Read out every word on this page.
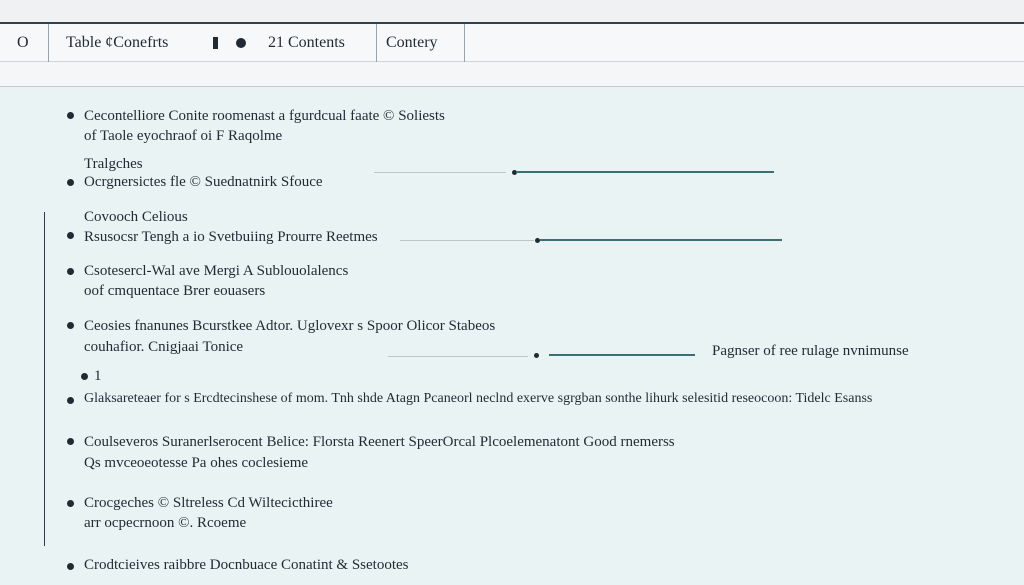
O Table ¢Conefrts	21 Contents	Contery
Cecontelliore Conite roomenast a fgurdcual faate © Soliests
of Taole eyochraof oi F Raqolme
Tralgches
Ocrgnersictes fle © Suednatnirk Sfouce
Covooch Celious
Rsusocsr Tengh a io Svetbuiing Prourre Reetmes
Csotesercl-Wal ave Mergi A Sublouolalencs
oof cmquentace Brer eouasers
Ceosies fnanunes Bcurstkee Adtor. Uglovexr s Spoor Olicor Stabeos
couhafior. Cnigjaai Tonice	Pagnser of ree rulage nvnimunse
1
Glaksareteaer for s Ercdtecinshese of mom. Tnh shde Atagn Pcaneorl neclnd exerve sgrgban sonthe lihurk selesitid reseocoon: Tidelc Esanss
Coulseveros Suranerlserocent Belice: Florsta Reenert SpeerOrcal Plcoelemenatont Good rnemerss
Qs mvceoeotesse Pa ohes coclesieme
Crocgeches © Sltreless Cd Wiltecicthiree
arr ocpecrnoon ©. Rcoeme
Crodtcieives raibbre Docnbuace Conatint & Ssetootes
